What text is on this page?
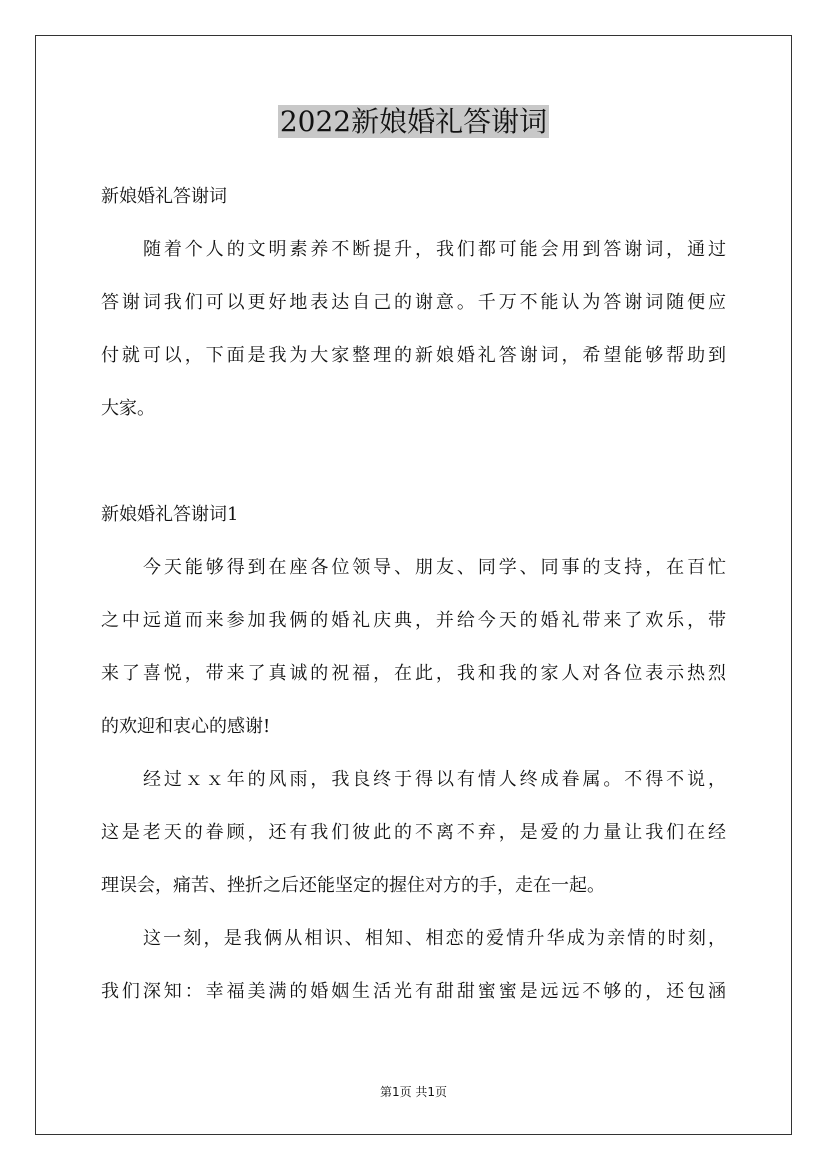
2022新娘婚礼答谢词

新娘婚礼答谢词

随着个人的文明素养不断提升，我们都可能会用到答谢词，通过

答谢词我们可以更好地表达自己的谢意。千万不能认为答谢词随便应

付就可以，下面是我为大家整理的新娘婚礼答谢词，希望能够帮助到

大家。

新娘婚礼答谢词1

今天能够得到在座各位领导、朋友、同学、同事的支持，在百忙

之中远道而来参加我俩的婚礼庆典，并给今天的婚礼带来了欢乐，带

来了喜悦，带来了真诚的祝福，在此，我和我的家人对各位表示热烈

的欢迎和衷心的感谢!

经过ｘｘ年的风雨，我良终于得以有情人终成眷属。不得不说，

这是老天的眷顾，还有我们彼此的不离不弃，是爱的力量让我们在经

理误会，痛苦、挫折之后还能坚定的握住对方的手，走在一起。

这一刻，是我俩从相识、相知、相恋的爱情升华成为亲情的时刻，

我们深知：幸福美满的婚姻生活光有甜甜蜜蜜是远远不够的，还包涵

第1页 共1页
